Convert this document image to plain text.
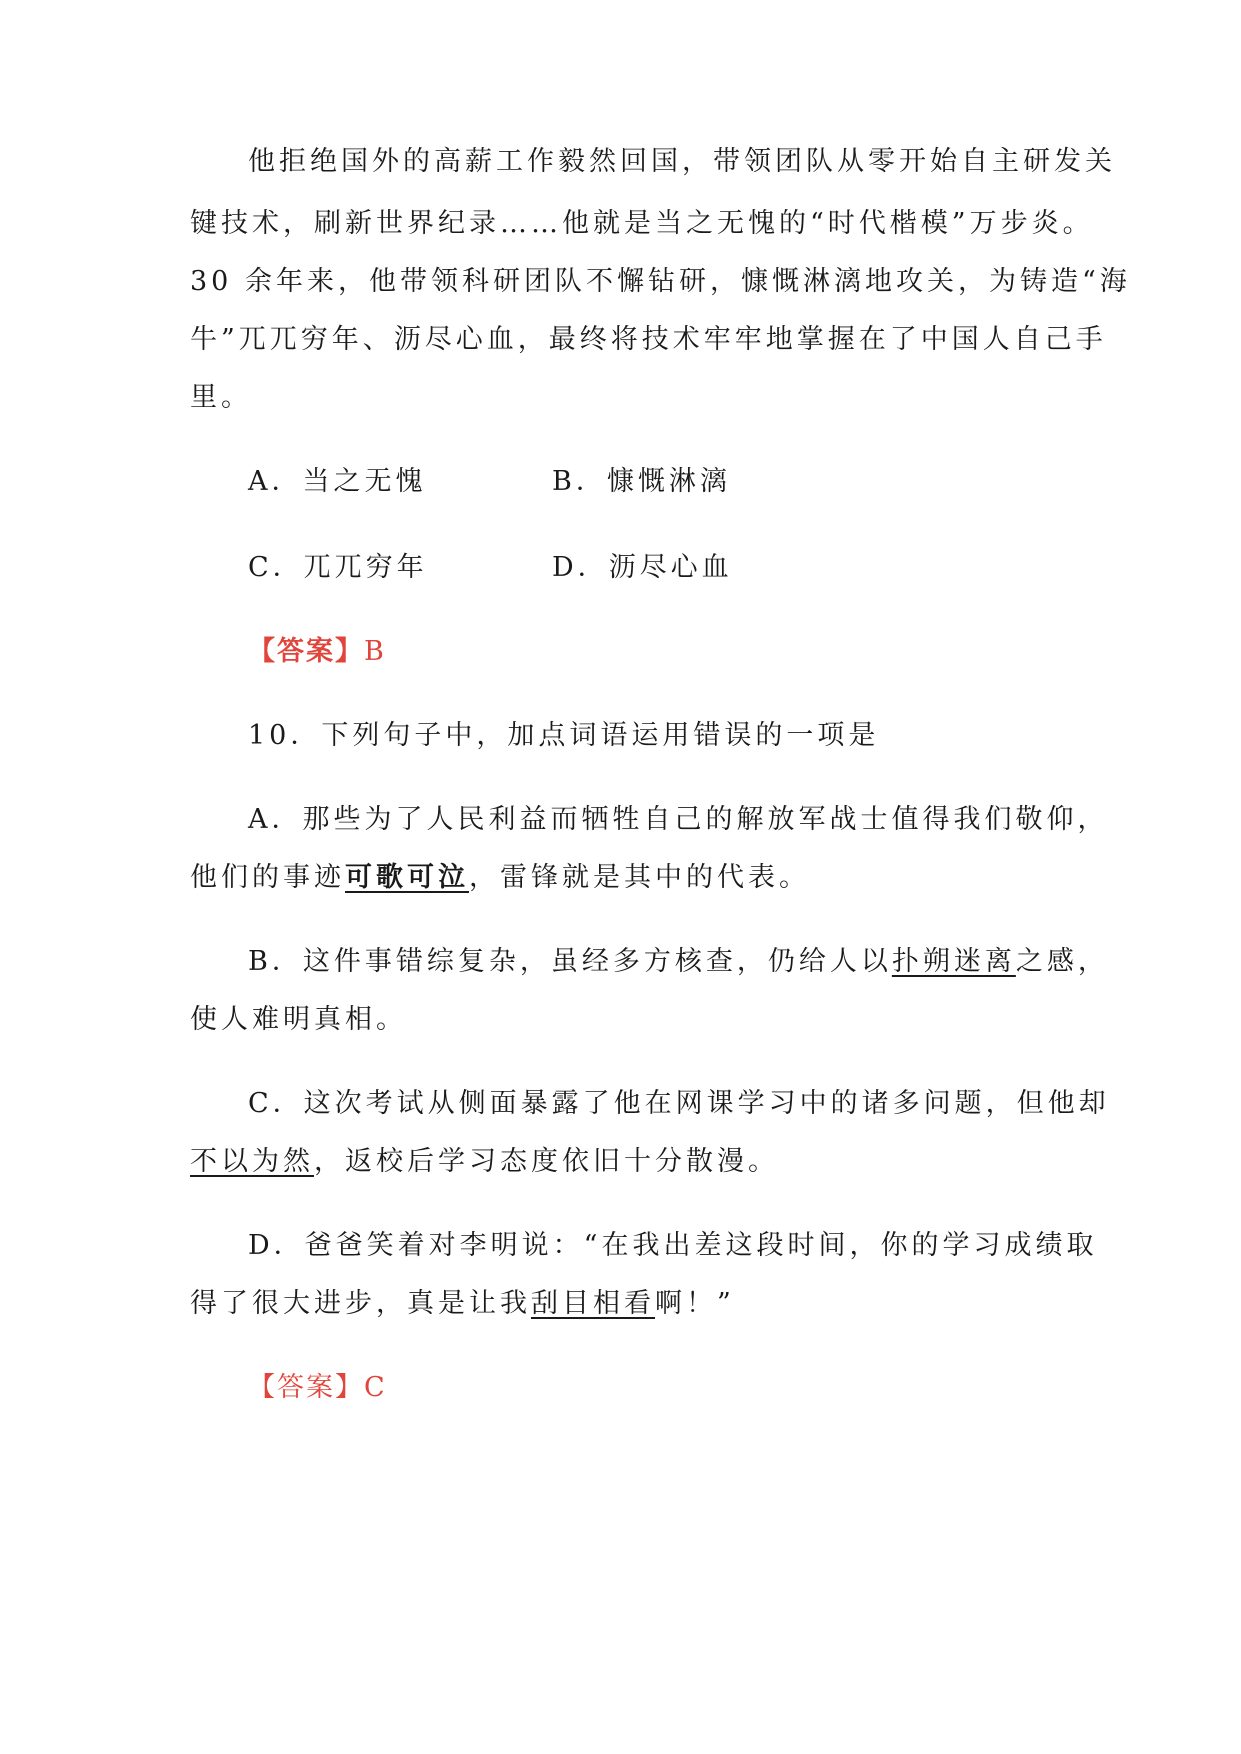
他拒绝国外的高薪工作毅然回国，带领团队从零开始自主研发关
键技术，刷新世界纪录……他就是当之无愧的“时代楷模”万步炎。
30 余年来，他带领科研团队不懈钻研，慷慨淋漓地攻关，为铸造“海
牛”兀兀穷年、沥尽心血，最终将技术牢牢地掌握在了中国人自己手
里。
A．当之无愧	B．慷慨淋漓
C．兀兀穷年	D．沥尽心血
【答案】B
10．下列句子中，加点词语运用错误的一项是
A．那些为了人民利益而牺牲自己的解放军战士值得我们敬仰，
他们的事迹可歌可泣，雷锋就是其中的代表。
B．这件事错综复杂，虽经多方核查，仍给人以扑朔迷离之感，
使人难明真相。
C．这次考试从侧面暴露了他在网课学习中的诸多问题，但他却
不以为然，返校后学习态度依旧十分散漫。
D．爸爸笑着对李明说：“在我出差这段时间，你的学习成绩取
得了很大进步，真是让我刮目相看啊！”
【答案】C
